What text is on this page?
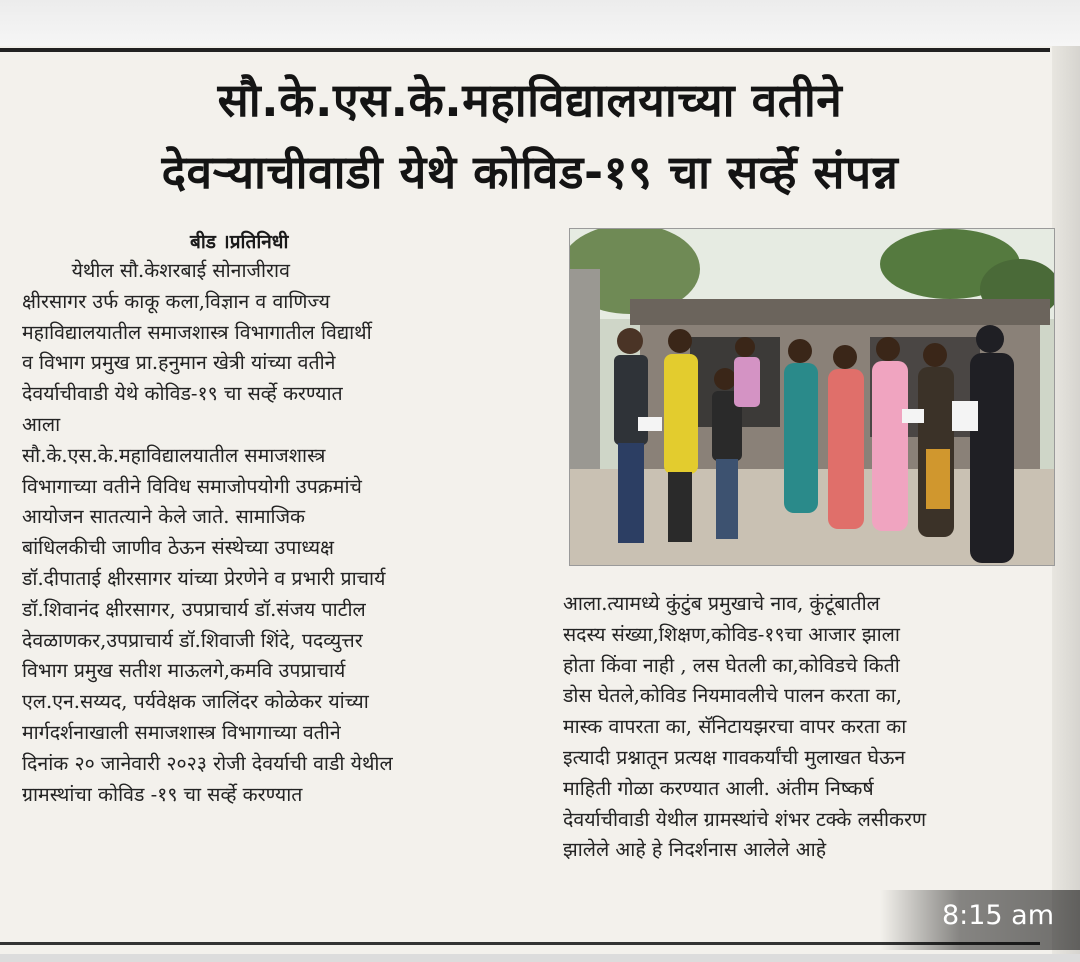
सौ.के.एस.के.महाविद्यालयाच्या वतीने
देवऱ्याचीवाडी येथे कोविड-१९ चा सर्व्हे संपन्न
बीड ।प्रतिनिधी
येथील सौ.केशरबाई सोनाजीराव
क्षीरसागर उर्फ काकू कला,विज्ञान व वाणिज्य
महाविद्यालयातील समाजशास्त्र विभागातील विद्यार्थी
व विभाग प्रमुख प्रा.हनुमान खेत्री यांच्या वतीने
देवर्याचीवाडी येथे कोविड-१९ चा सर्व्हे करण्यात
आला
सौ.के.एस.के.महाविद्यालयातील समाजशास्त्र
विभागाच्या वतीने विविध समाजोपयोगी उपक्रमांचे
आयोजन सातत्याने केले जाते. सामाजिक
बांधिलकीची जाणीव ठेऊन संस्थेच्या उपाध्यक्ष
डॉ.दीपाताई क्षीरसागर यांच्या प्रेरणेने व प्रभारी प्राचार्य
डॉ.शिवानंद क्षीरसागर, उपप्राचार्य डॉ.संजय पाटील
देवळाणकर,उपप्राचार्य डॉ.शिवाजी शिंदे, पदव्युत्तर
विभाग प्रमुख सतीश माऊलगे,कमवि उपप्राचार्य
एल.एन.सय्यद, पर्यवेक्षक जालिंदर कोळेकर यांच्या
मार्गदर्शनाखाली समाजशास्त्र विभागाच्या वतीने
दिनांक २० जानेवारी २०२३ रोजी देवर्याची वाडी येथील
ग्रामस्थांचा कोविड -१९ चा सर्व्हे करण्यात
आला.त्यामध्ये कुंटुंब प्रमुखाचे नाव, कुंटूंबातील
सदस्य संख्या,शिक्षण,कोविड-१९चा आजार झाला
होता किंवा नाही , लस घेतली का,कोविडचे किती
डोस घेतले,कोविड नियमावलीचे पालन करता का,
मास्क वापरता का, सॅनिटायझरचा वापर करता का
इत्यादी प्रश्नातून प्रत्यक्ष गावकर्यांची मुलाखत घेऊन
माहिती गोळा करण्यात आली. अंतीम निष्कर्ष
देवर्याचीवाडी येथील ग्रामस्थांचे शंभर टक्के लसीकरण
झालेले आहे हे निदर्शनास आलेले आहे
8:15 am
